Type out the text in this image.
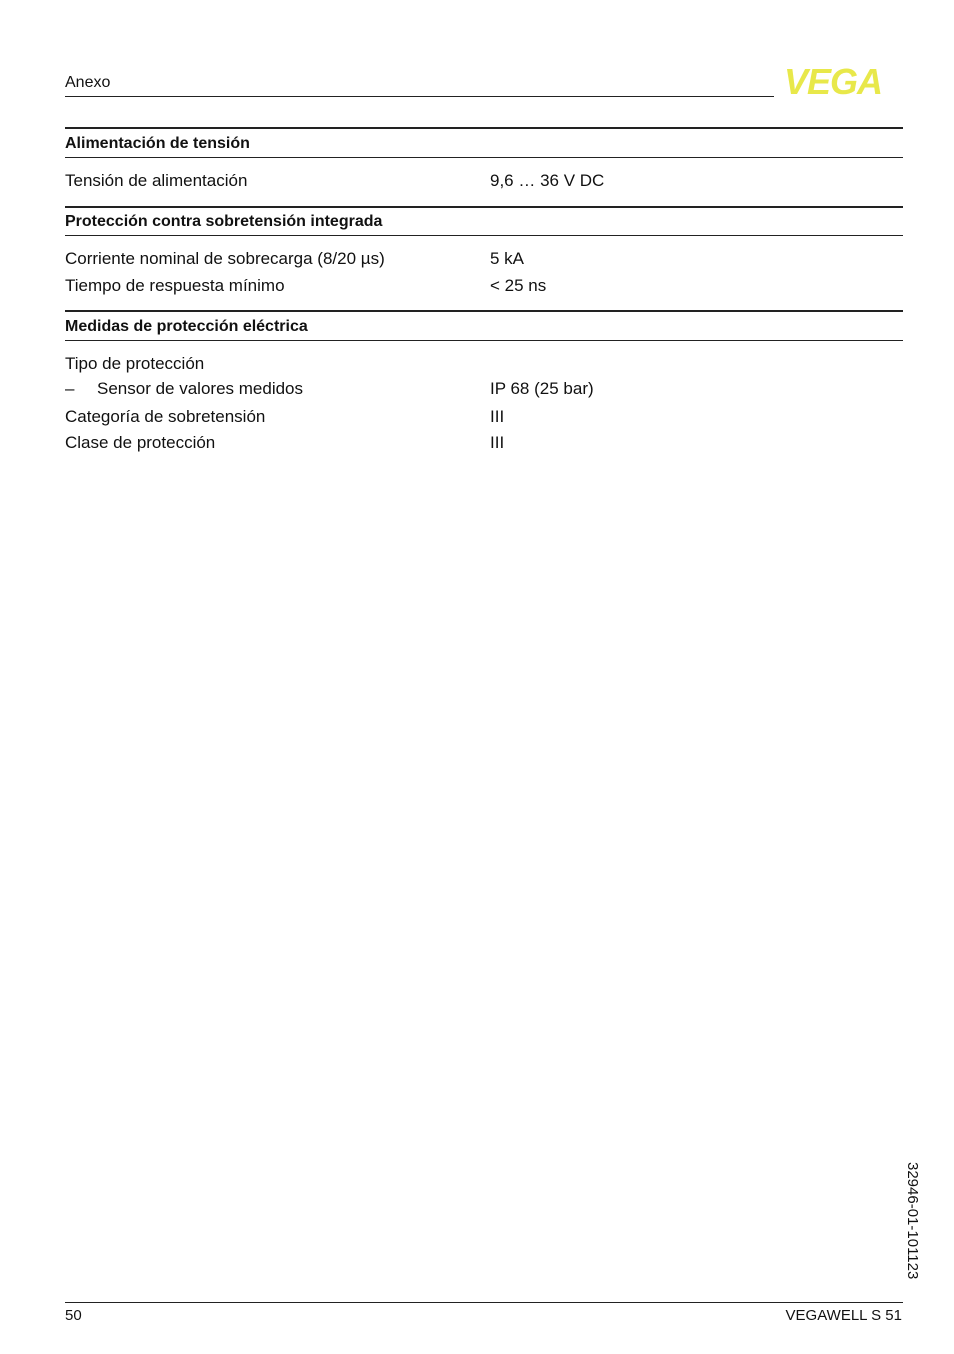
Anexo	VEGA
Alimentación de tensión
Tensión de alimentación	9,6 … 36 V DC
Protección contra sobretensión integrada
Corriente nominal de sobrecarga (8/20 µs)	5 kA
Tiempo de respuesta mínimo	< 25 ns
Medidas de protección eléctrica
Tipo de protección
– Sensor de valores medidos	IP 68 (25 bar)
Categoría de sobretensión	III
Clase de protección	III
32946-01-101123
50	VEGAWELL S 51
